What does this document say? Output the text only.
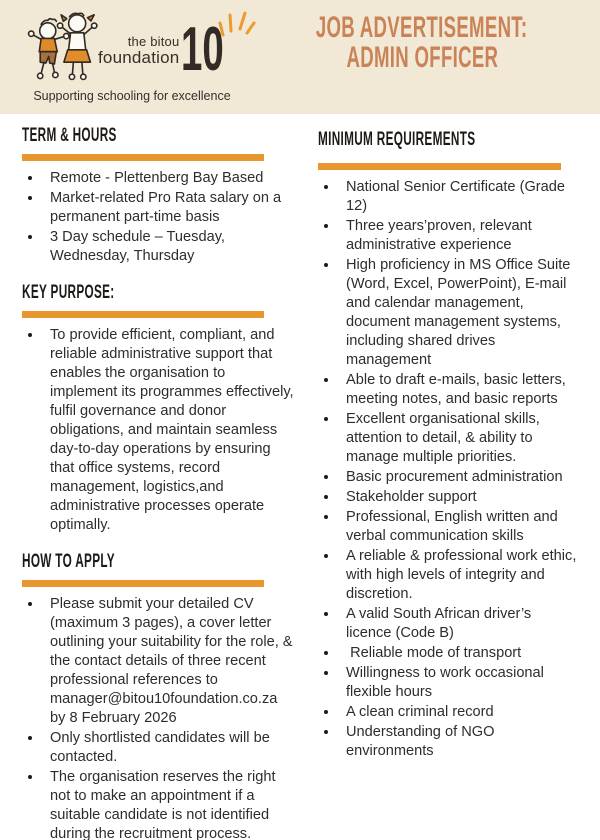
the bitou
foundation 10
Supporting schooling for excellence
JOB ADVERTISEMENT:
ADMIN OFFICER
TERM & HOURS
• Remote - Plettenberg Bay Based
• Market-related Pro Rata salary on a permanent part-time basis
• 3 Day schedule – Tuesday, Wednesday, Thursday
KEY PURPOSE:
• To provide efficient, compliant, and reliable administrative support that enables the organisation to implement its programmes effectively, fulfil governance and donor obligations, and maintain seamless day-to-day operations by ensuring that office systems, record management, logistics,and administrative processes operate optimally.
HOW TO APPLY
• Please submit your detailed CV (maximum 3 pages), a cover letter outlining your suitability for the role, & the contact details of three recent professional references to manager@bitou10foundation.co.za by 8 February 2026
• Only shortlisted candidates will be contacted.
• The organisation reserves the right not to make an appointment if a suitable candidate is not identified during the recruitment process.
MINIMUM REQUIREMENTS
• National Senior Certificate (Grade 12)
• Three years’proven, relevant administrative experience
• High proficiency in MS Office Suite (Word, Excel, PowerPoint), E-mail and calendar management, document management systems, including shared drives management
• Able to draft e-mails, basic letters, meeting notes, and basic reports
• Excellent organisational skills, attention to detail, & ability to manage multiple priorities.
• Basic procurement administration
• Stakeholder support
• Professional, English written and verbal communication skills
• A reliable & professional work ethic, with high levels of integrity and discretion.
• A valid South African driver’s licence (Code B)
•  Reliable mode of transport
• Willingness to work occasional flexible hours
• A clean criminal record
• Understanding of NGO environments
